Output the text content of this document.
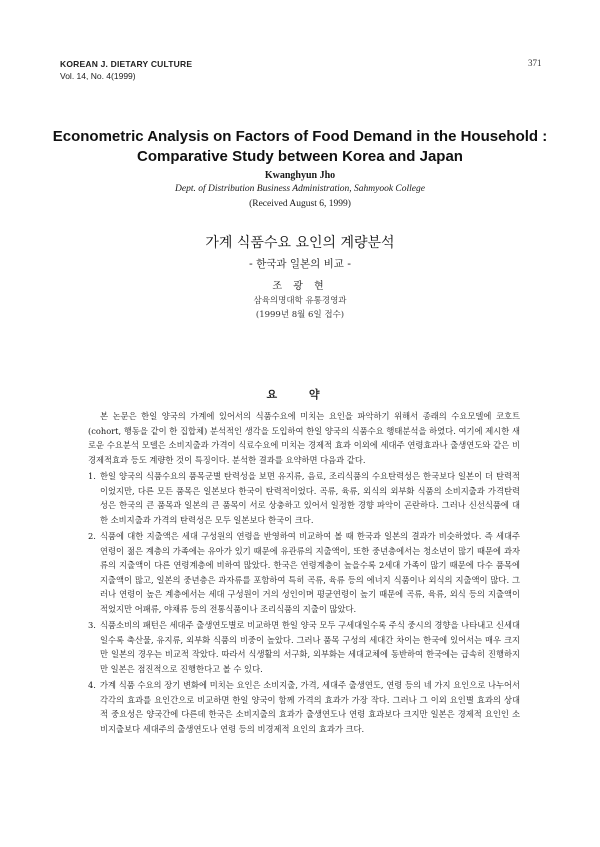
KOREAN J. DIETARY CULTURE
Vol. 14, No. 4(1999)
371
Econometric Analysis on Factors of Food Demand in the Household :
Comparative Study between Korea and Japan
Kwanghyun Jho
Dept. of Distribution Business Administration, Sahmyook College
(Received August 6, 1999)
가계 식품수요 요인의 계량분석
- 한국과 일본의 비교 -
조 광 현
삼육의명대학 유통경영과
(1999년 8월 6일 접수)
요 약

본 논문은 한일 양국의 가계에 있어서의 식품수요에 미치는 요인을 파악하기 위해서 종래의 수요모델에 코호트(cohort, 행동을 같이 한 집합체) 분석적인 생각을 도입하여 한일 양국의 식품수요 행태분석을 하였다. 여기에 제시한 새로운 수요분석 모델은 소비지출과 가격이 식료수요에 미치는 경제적 효과 이외에 세대주 연령효과나 출생연도와 같은 비경제적효과 등도 계량한 것이 특징이다. 분석한 결과를 요약하면 다음과 같다.

1. 한일 양국의 식품수요의 품목군별 탄력성을 보면 유지류, 음료, 조리식품의 수요탄력성은 한국보다 일본이 더 탄력적이었지만, 다른 모든 품목은 일본보다 한국이 탄력적이었다. 곡류, 육류, 외식의 외부화 식품의 소비지출과 가격탄력성은 한국의 큰 품목과 일본의 큰 품목이 서로 상충하고 있어서 일정한 경향 파악이 곤란하다. 그러나 신선식품에 대한 소비지출과 가격의 탄력성은 모두 일본보다 한국이 크다.
2. 식품에 대한 지출액은 세대 구성원의 연령을 반영하여 비교하여 볼 때 한국과 일본의 결과가 비슷하였다. 즉 세대주 연령이 젊은 계층의 가족에는 유아가 있기 때문에 유관류의 지출액이, 또한 중년층에서는 청소년이 많기 때문에 과자류의 지출액이 다른 연령계층에 비하여 많았다. 한국은 연령계층이 높을수록 2세대 가족이 많기 때문에 다수 품목에 지출액이 많고, 일본의 중년층은 과자류를 포함하여 특히 곡류, 육류 등의 에너지 식품이나 외식의 지출액이 많다. 그러나 연령이 높은 계층에서는 세대 구성원이 거의 성인이며 평균연령이 높기 때문에 곡류, 육류, 외식 등의 지출액이 적었지만 어패류, 야채류 등의 전통식품이나 조리식품의 지출이 많았다.
3. 식품소비의 패턴은 세대주 출생연도별로 비교하면 한일 양국 모두 구세대일수록 주식 중시의 경향을 나타내고 신세대일수록 축산물, 유지류, 외부화 식품의 비중이 높았다. 그러나 품목 구성의 세대간 차이는 한국에 있어서는 매우 크지만 일본의 경우는 비교적 작았다. 따라서 식생활의 서구화, 외부화는 세대교체에 동반하여 한국에는 급속히 진행하지만 일본은 점진적으로 진행한다고 볼 수 있다.
4. 가계 식품 수요의 장기 변화에 미치는 요인은 소비지출, 가격, 세대주 출생연도, 연령 등의 네 가지 요인으로 나누어서 각각의 효과를 요인간으로 비교하면 한일 양국이 함께 가격의 효과가 가장 작다. 그러나 그 이외 요인별 효과의 상대적 중요성은 양국간에 다른데 한국은 소비지출의 효과가 출생연도나 연령 효과보다 크지만 일본은 경제적 요인인 소비지출보다 세대주의 출생연도나 연령 등의 비경제적 요인의 효과가 크다.
